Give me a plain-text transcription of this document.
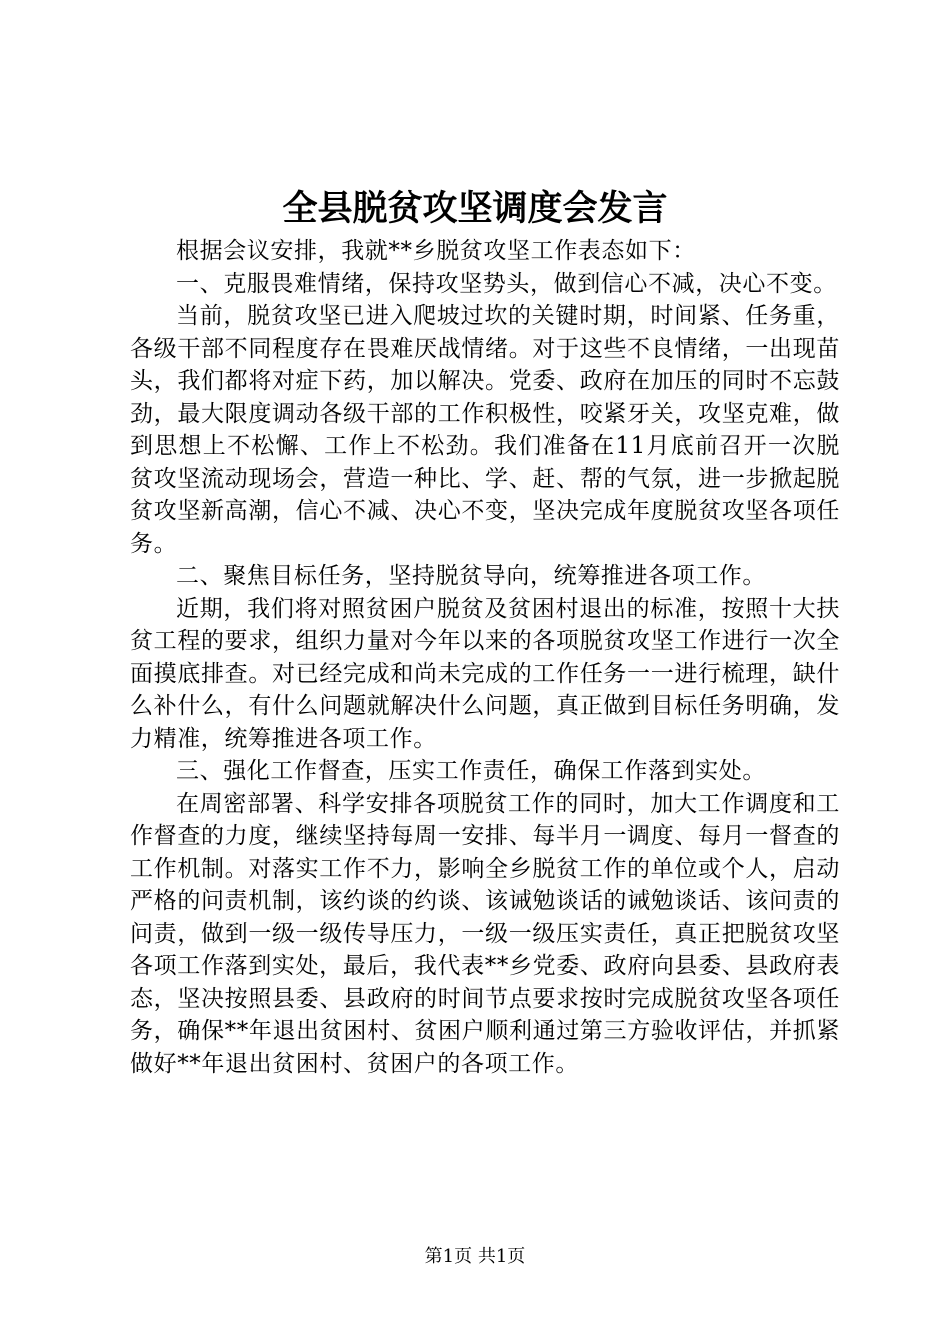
全县脱贫攻坚调度会发言

根据会议安排，我就**乡脱贫攻坚工作表态如下：

一、克服畏难情绪，保持攻坚势头，做到信心不减，决心不变。

当前，脱贫攻坚已进入爬坡过坎的关键时期，时间紧、任务重，各级干部不同程度存在畏难厌战情绪。对于这些不良情绪，一出现苗头，我们都将对症下药，加以解决。党委、政府在加压的同时不忘鼓劲，最大限度调动各级干部的工作积极性，咬紧牙关，攻坚克难，做到思想上不松懈、工作上不松劲。我们准备在11月底前召开一次脱贫攻坚流动现场会，营造一种比、学、赶、帮的气氛，进一步掀起脱贫攻坚新高潮，信心不减、决心不变，坚决完成年度脱贫攻坚各项任务。

二、聚焦目标任务，坚持脱贫导向，统筹推进各项工作。

近期，我们将对照贫困户脱贫及贫困村退出的标准，按照十大扶贫工程的要求，组织力量对今年以来的各项脱贫攻坚工作进行一次全面摸底排查。对已经完成和尚未完成的工作任务一一进行梳理，缺什么补什么，有什么问题就解决什么问题，真正做到目标任务明确，发力精准，统筹推进各项工作。

三、强化工作督查，压实工作责任，确保工作落到实处。

在周密部署、科学安排各项脱贫工作的同时，加大工作调度和工作督查的力度，继续坚持每周一安排、每半月一调度、每月一督查的工作机制。对落实工作不力，影响全乡脱贫工作的单位或个人，启动严格的问责机制，该约谈的约谈、该诫勉谈话的诫勉谈话、该问责的问责，做到一级一级传导压力，一级一级压实责任，真正把脱贫攻坚各项工作落到实处，最后，我代表**乡党委、政府向县委、县政府表态，坚决按照县委、县政府的时间节点要求按时完成脱贫攻坚各项任务，确保**年退出贫困村、贫困户顺利通过第三方验收评估，并抓紧做好**年退出贫困村、贫困户的各项工作。

第1页 共1页
